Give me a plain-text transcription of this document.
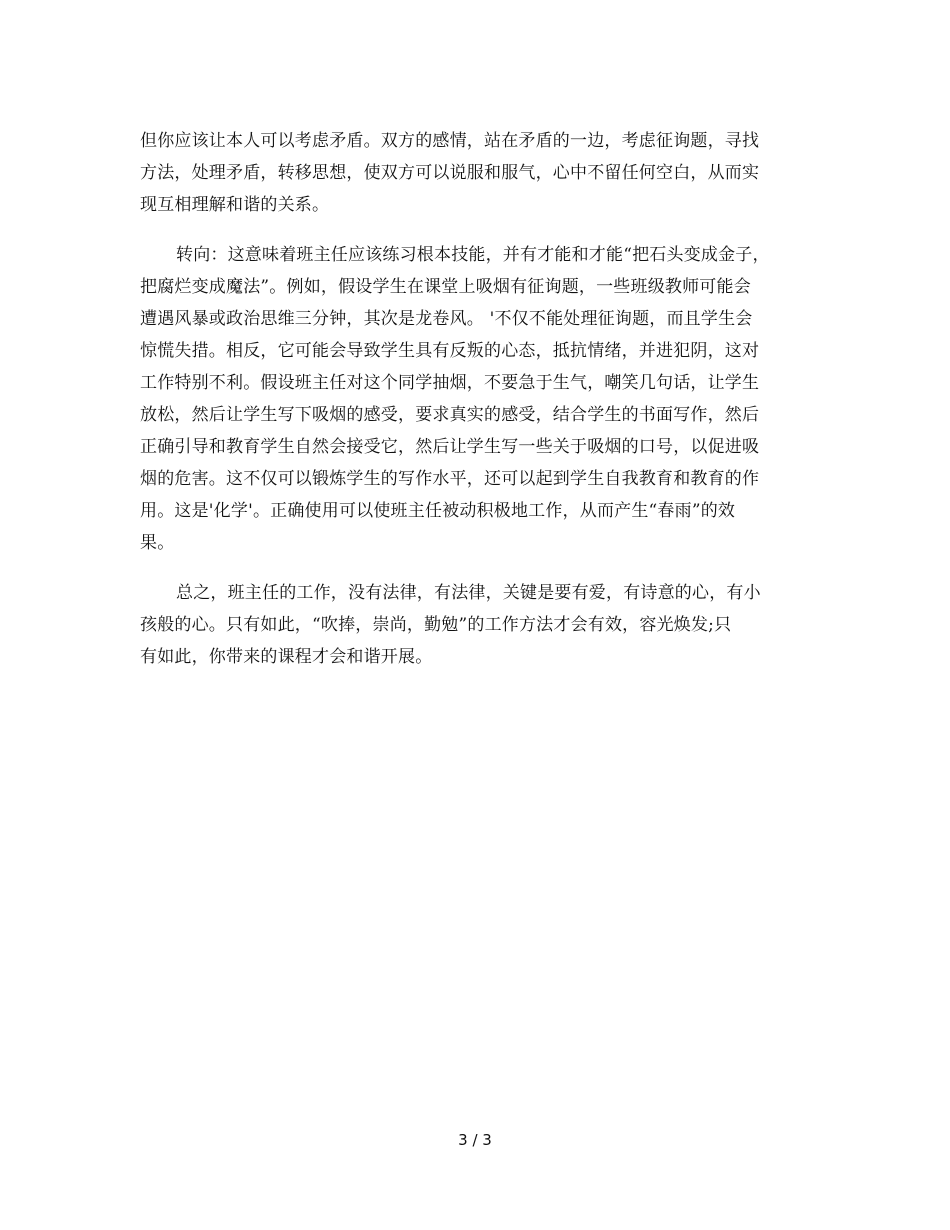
但你应该让本人可以考虑矛盾。双方的感情，站在矛盾的一边，考虑征询题，寻找
方法，处理矛盾，转移思想，使双方可以说服和服气，心中不留任何空白，从而实
现互相理解和谐的关系。

转向：这意味着班主任应该练习根本技能，并有才能和才能“把石头变成金子，
把腐烂变成魔法”。例如，假设学生在课堂上吸烟有征询题，一些班级教师可能会
遭遇风暴或政治思维三分钟，其次是龙卷风。 '不仅不能处理征询题，而且学生会
惊慌失措。相反，它可能会导致学生具有反叛的心态，抵抗情绪，并进犯阴，这对
工作特别不利。假设班主任对这个同学抽烟，不要急于生气，嘲笑几句话，让学生
放松，然后让学生写下吸烟的感受，要求真实的感受，结合学生的书面写作，然后
正确引导和教育学生自然会接受它，然后让学生写一些关于吸烟的口号，以促进吸
烟的危害。这不仅可以锻炼学生的写作水平，还可以起到学生自我教育和教育的作
用。这是'化学'。正确使用可以使班主任被动积极地工作，从而产生“春雨”的效
果。

总之，班主任的工作，没有法律，有法律，关键是要有爱，有诗意的心，有小
孩般的心。只有如此，“吹捧，崇尚，勤勉”的工作方法才会有效，容光焕发;只
有如此，你带来的课程才会和谐开展。

3 / 3
